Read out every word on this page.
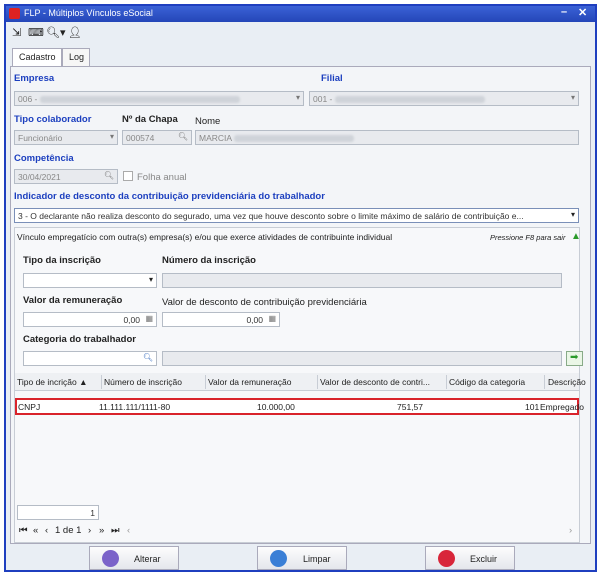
FLP - Múltiplos Vínculos eSocial	– ✕
⇲ ⌨ 🔍︎▾ 👤︎
Cadastro	Log
Empresa
006 -	▾
Filial
001 -	▾
Tipo colaborador
Funcionário	▾
Nº da Chapa
000574	🔍︎
Nome
MARCIA
Competência
30/04/2021	🔍︎ Folha anual
Indicador de desconto da contribuição previdenciária do trabalhador
3 - O declarante não realiza desconto do segurado, uma vez que houve desconto sobre o limite máximo de salário de contribuição e...	▾
Vínculo empregatício com outra(s) empresa(s) e/ou que exerce atividades de contribuinte individual	Pressione F8 para sair ▲
Tipo da inscrição
▾
Número da inscrição
Valor da remuneração
0,00 ▦
Valor de desconto de contribuição previdenciária
0,00 ▦
Categoria do trabalhador
🔍︎	➡
Tipo de incrição ▲ Número de inscrição	Valor da remuneração	Valor de desconto de contri... Código da categoria	Descrição
CNPJ	11.111.111/1111-80	10.000,00	751,57	101 Empregado
1
⏮ « ‹ 1 de 1 › » ⏭ ‹	›
Alterar	Limpar	Excluir
